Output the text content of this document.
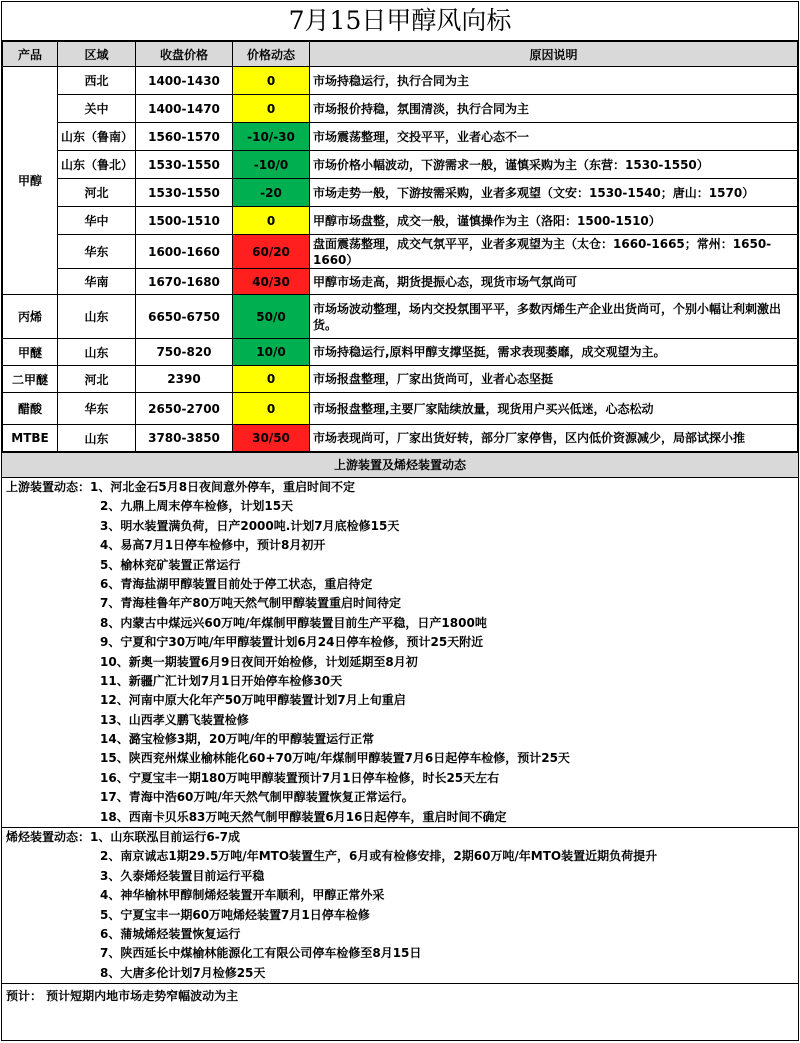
7月15日甲醇风向标
产品	区域	收盘价格	价格动态	原因说明
甲醇	西北	1400-1430	0	市场持稳运行，执行合同为主
	关中	1400-1470	0	市场报价持稳，氛围清淡，执行合同为主
	山东（鲁南）	1560-1570	-10/-30	市场震荡整理，交投平平，业者心态不一
	山东（鲁北）	1530-1550	-10/0	市场价格小幅波动，下游需求一般，谨慎采购为主（东营：1530-1550）
	河北	1530-1550	-20	市场走势一般，下游按需采购，业者多观望（文安：1530-1540；唐山：1570）
	华中	1500-1510	0	甲醇市场盘整，成交一般，谨慎操作为主（洛阳：1500-1510）
	华东	1600-1660	60/20	盘面震荡整理，成交气氛平平，业者多观望为主（太仓：1660-1665；常州：1650-1660）
	华南	1670-1680	40/30	甲醇市场走高，期货提振心态，现货市场气氛尚可
丙烯	山东	6650-6750	50/0	市场场波动整理，场内交投氛围平平，多数丙烯生产企业出货尚可，个别小幅让利刺激出货。
甲醚	山东	750-820	10/0	市场持稳运行,原料甲醇支撑坚挺，需求表现萎靡，成交观望为主。
二甲醚	河北	2390	0	市场报盘整理，厂家出货尚可，业者心态坚挺
醋酸	华东	2650-2700	0	市场报盘整理,主要厂家陆续放量，现货用户买兴低迷，心态松动
MTBE	山东	3780-3850	30/50	市场表现尚可，厂家出货好转，部分厂家停售，区内低价资源减少，局部试探小推
上游装置及烯烃装置动态
上游装置动态：1、河北金石5月8日夜间意外停车，重启时间不定
2、九鼎上周末停车检修，计划15天
3、明水装置满负荷，日产2000吨.计划7月底检修15天
4、易高7月1日停车检修中，预计8月初开
5、榆林兖矿装置正常运行
6、青海盐湖甲醇装置目前处于停工状态，重启待定
7、青海桂鲁年产80万吨天然气制甲醇装置重启时间待定
8、内蒙古中煤远兴60万吨/年煤制甲醇装置目前生产平稳，日产1800吨
9、宁夏和宁30万吨/年甲醇装置计划6月24日停车检修，预计25天附近
10、新奥一期装置6月9日夜间开始检修，计划延期至8月初
11、新疆广汇计划7月1日开始停车检修30天
12、河南中原大化年产50万吨甲醇装置计划7月上旬重启
13、山西孝义鹏飞装置检修
14、潞宝检修3期，20万吨/年的甲醇装置运行正常
15、陕西兖州煤业榆林能化60+70万吨/年煤制甲醇装置7月6日起停车检修，预计25天
16、宁夏宝丰一期180万吨甲醇装置预计7月1日停车检修，时长25天左右
17、青海中浩60万吨/年天然气制甲醇装置恢复正常运行。
18、西南卡贝乐83万吨天然气制甲醇装置6月16日起停车，重启时间不确定
烯烃装置动态：1、山东联泓目前运行6-7成
2、南京诚志1期29.5万吨/年MTO装置生产，6月或有检修安排，2期60万吨/年MTO装置近期负荷提升
3、久泰烯烃装置目前运行平稳
4、神华榆林甲醇制烯烃装置开车顺利，甲醇正常外采
5、宁夏宝丰一期60万吨烯烃装置7月1日停车检修
6、蒲城烯烃装置恢复运行
7、陕西延长中煤榆林能源化工有限公司停车检修至8月15日
8、大唐多伦计划7月检修25天
预计： 预计短期内地市场走势窄幅波动为主
